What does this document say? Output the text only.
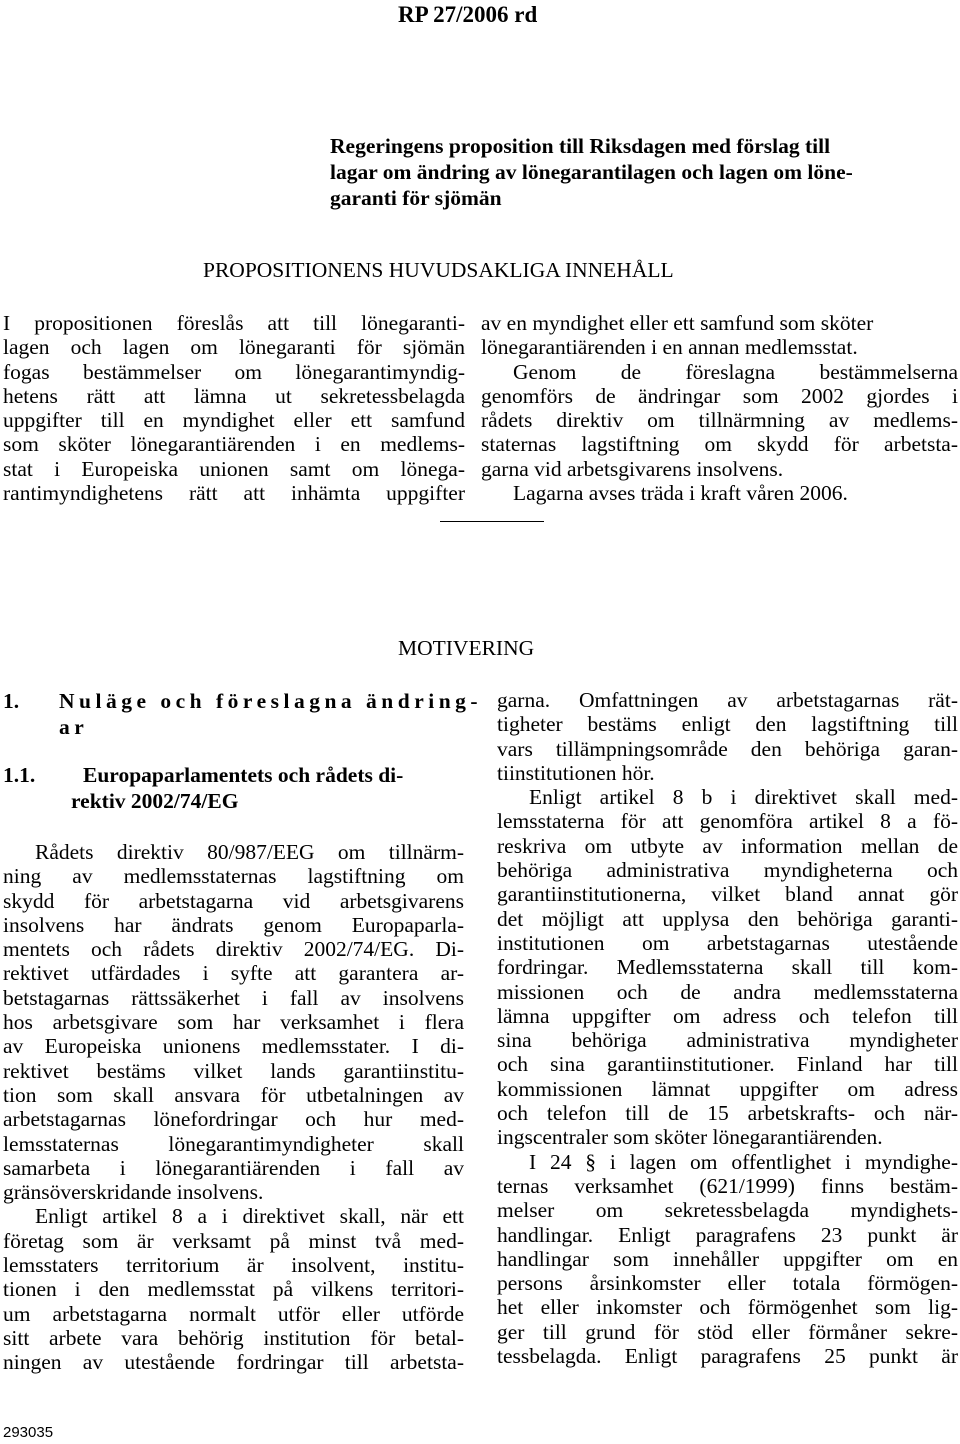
RP 27/2006 rd
Regeringens proposition till Riksdagen med förslag till
lagar om ändring av lönegarantilagen och lagen om löne-
garanti för sjömän
PROPOSITIONENS HUVUDSAKLIGA INNEHÅLL
I propositionen föreslås att till lönegaranti-
lagen och lagen om lönegaranti för sjömän
fogas bestämmelser om lönegarantimyndig-
hetens rätt att lämna ut sekretessbelagda
uppgifter till en myndighet eller ett samfund
som sköter lönegarantiärenden i en medlems-
stat i Europeiska unionen samt om lönega-
rantimyndighetens rätt att inhämta uppgifter
av en myndighet eller ett samfund som sköter
lönegarantiärenden i en annan medlemsstat.
Genom de föreslagna bestämmelserna
genomförs de ändringar som 2002 gjordes i
rådets direktiv om tillnärmning av medlems-
staternas lagstiftning om skydd för arbetsta-
garna vid arbetsgivarens insolvens.
Lagarna avses träda i kraft våren 2006.
MOTIVERING
1. Nuläge och föreslagna ändring-
ar
1.1. Europaparlamentets och rådets di-
rektiv 2002/74/EG
Rådets direktiv 80/987/EEG om tillnärm-
ning av medlemsstaternas lagstiftning om
skydd för arbetstagarna vid arbetsgivarens
insolvens har ändrats genom Europaparla-
mentets och rådets direktiv 2002/74/EG. Di-
rektivet utfärdades i syfte att garantera ar-
betstagarnas rättssäkerhet i fall av insolvens
hos arbetsgivare som har verksamhet i flera
av Europeiska unionens medlemsstater. I di-
rektivet bestäms vilket lands garantiinstitu-
tion som skall ansvara för utbetalningen av
arbetstagarnas lönefordringar och hur med-
lemsstaternas lönegarantimyndigheter skall
samarbeta i lönegarantiärenden i fall av
gränsöverskridande insolvens.
Enligt artikel 8 a i direktivet skall, när ett
företag som är verksamt på minst två med-
lemsstaters territorium är insolvent, institu-
tionen i den medlemsstat på vilkens territori-
um arbetstagarna normalt utför eller utförde
sitt arbete vara behörig institution för betal-
ningen av utestående fordringar till arbetsta-
garna. Omfattningen av arbetstagarnas rät-
tigheter bestäms enligt den lagstiftning till
vars tillämpningsområde den behöriga garan-
tiinstitutionen hör.
Enligt artikel 8 b i direktivet skall med-
lemsstaterna för att genomföra artikel 8 a fö-
reskriva om utbyte av information mellan de
behöriga administrativa myndigheterna och
garantiinstitutionerna, vilket bland annat gör
det möjligt att upplysa den behöriga garanti-
institutionen om arbetstagarnas utestående
fordringar. Medlemsstaterna skall till kom-
missionen och de andra medlemsstaterna
lämna uppgifter om adress och telefon till
sina behöriga administrativa myndigheter
och sina garantiinstitutioner. Finland har till
kommissionen lämnat uppgifter om adress
och telefon till de 15 arbetskrafts- och när-
ingscentraler som sköter lönegarantiärenden.
I 24 § i lagen om offentlighet i myndighe-
ternas verksamhet (621/1999) finns bestäm-
melser om sekretessbelagda myndighets-
handlingar. Enligt paragrafens 23 punkt är
handlingar som innehåller uppgifter om en
persons årsinkomster eller totala förmögen-
het eller inkomster och förmögenhet som lig-
ger till grund för stöd eller förmåner sekre-
tessbelagda. Enligt paragrafens 25 punkt är
293035
